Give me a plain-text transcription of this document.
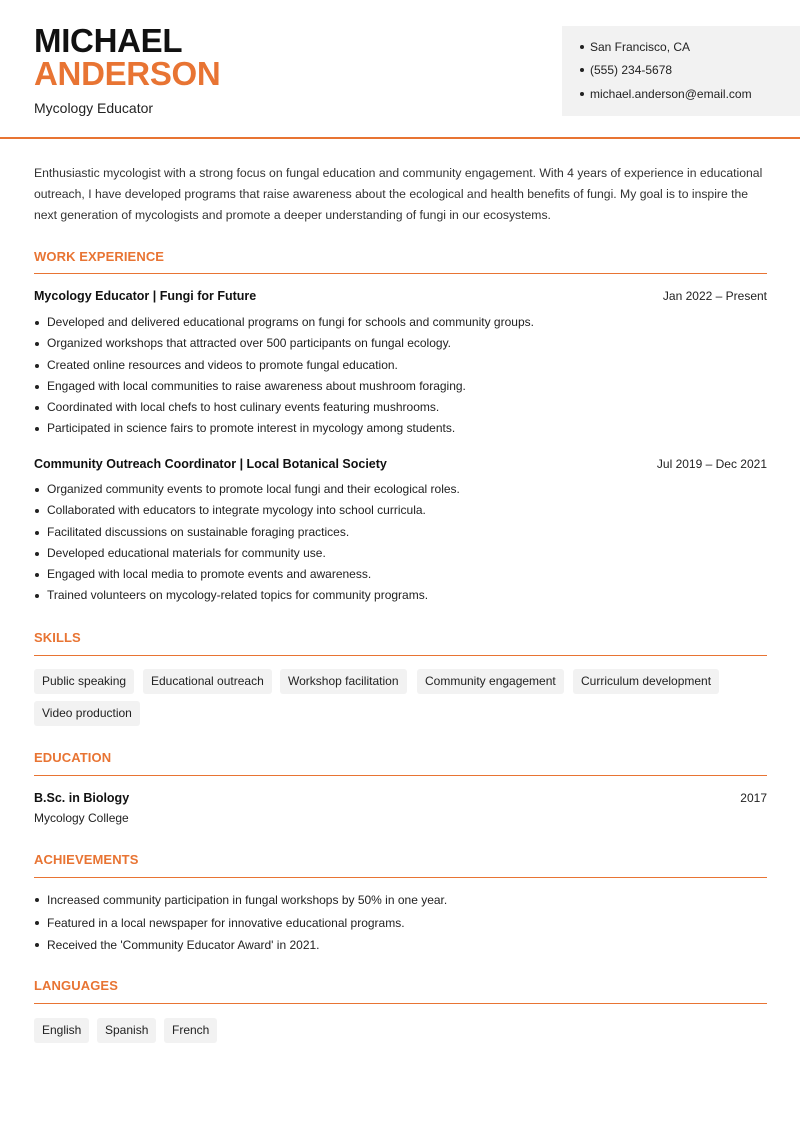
MICHAEL
ANDERSON
Mycology Educator
San Francisco, CA
(555) 234-5678
michael.anderson@email.com
Enthusiastic mycologist with a strong focus on fungal education and community engagement. With 4 years of experience in educational outreach, I have developed programs that raise awareness about the ecological and health benefits of fungi. My goal is to inspire the next generation of mycologists and promote a deeper understanding of fungi in our ecosystems.
WORK EXPERIENCE
Mycology Educator | Fungi for Future	Jan 2022 – Present
Developed and delivered educational programs on fungi for schools and community groups.
Organized workshops that attracted over 500 participants on fungal ecology.
Created online resources and videos to promote fungal education.
Engaged with local communities to raise awareness about mushroom foraging.
Coordinated with local chefs to host culinary events featuring mushrooms.
Participated in science fairs to promote interest in mycology among students.
Community Outreach Coordinator | Local Botanical Society	Jul 2019 – Dec 2021
Organized community events to promote local fungi and their ecological roles.
Collaborated with educators to integrate mycology into school curricula.
Facilitated discussions on sustainable foraging practices.
Developed educational materials for community use.
Engaged with local media to promote events and awareness.
Trained volunteers on mycology-related topics for community programs.
SKILLS
Public speaking	Educational outreach	Workshop facilitation	Community engagement	Curriculum development
Video production
EDUCATION
B.Sc. in Biology	2017
Mycology College
ACHIEVEMENTS
Increased community participation in fungal workshops by 50% in one year.
Featured in a local newspaper for innovative educational programs.
Received the 'Community Educator Award' in 2021.
LANGUAGES
English	Spanish	French
